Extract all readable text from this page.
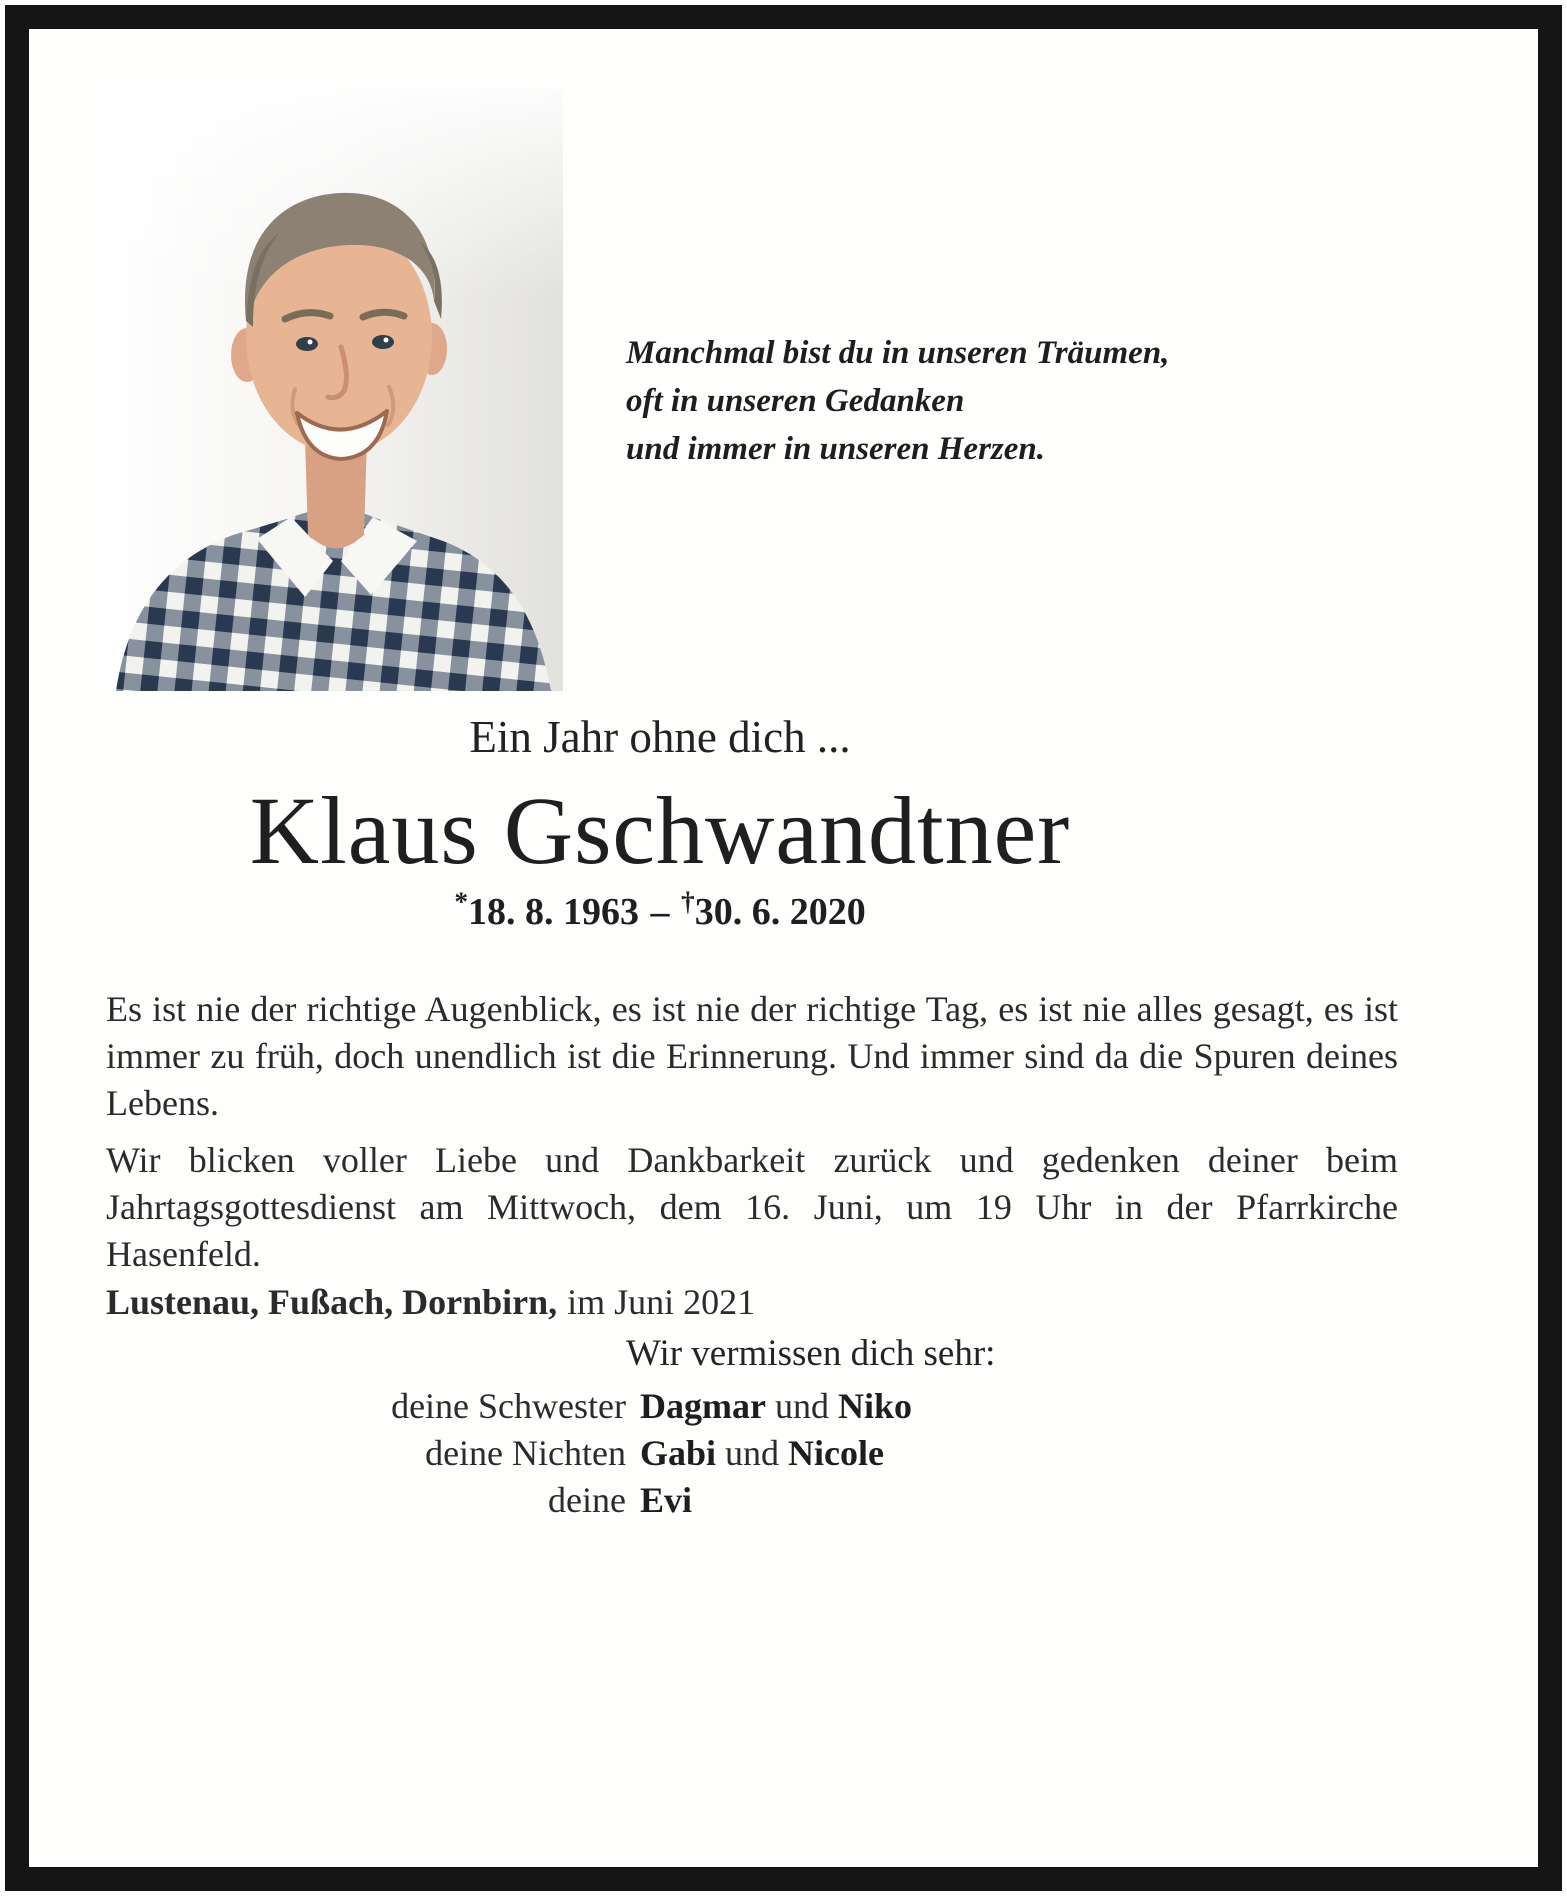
Manchmal bist du in unseren Träumen,
oft in unseren Gedanken
und immer in unseren Herzen.
Ein Jahr ohne dich ...
Klaus Gschwandtner
*18. 8. 1963 – †30. 6. 2020
Es ist nie der richtige Augenblick, es ist nie der richtige Tag, es ist nie alles gesagt, es ist immer zu früh, doch unendlich ist die Erinnerung. Und immer sind da die Spuren deines Lebens.
Wir blicken voller Liebe und Dankbarkeit zurück und gedenken deiner beim Jahrtagsgottesdienst am Mittwoch, dem 16. Juni, um 19 Uhr in der Pfarrkirche Hasenfeld.
Lustenau, Fußach, Dornbirn, im Juni 2021
Wir vermissen dich sehr:
deine Schwester Dagmar und Niko
deine Nichten Gabi und Nicole
deine Evi
